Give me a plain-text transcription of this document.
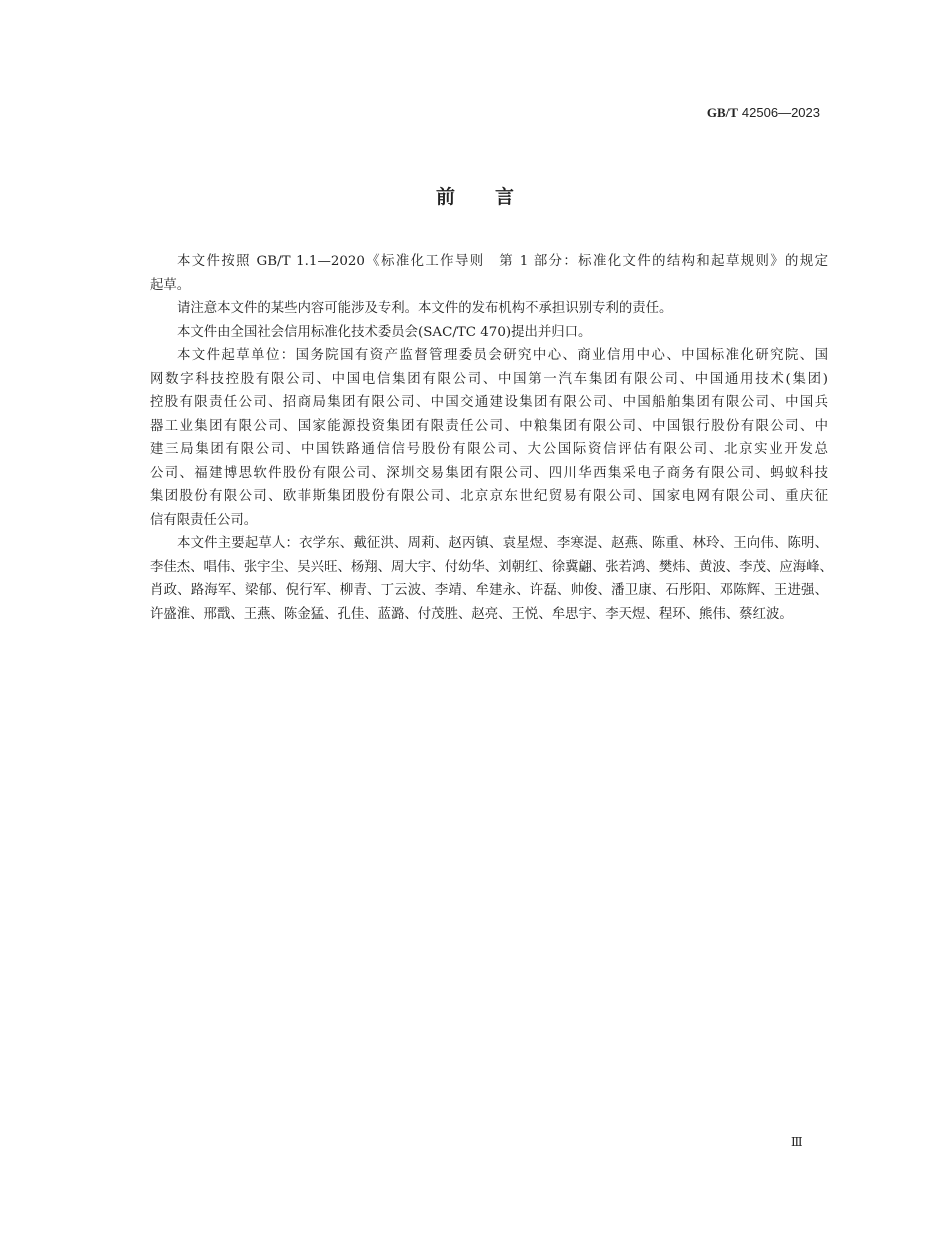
GB/T 42506—2023
前言
本文件按照 GB/T 1.1—2020《标准化工作导则　第 1 部分：标准化文件的结构和起草规则》的规定
起草。
请注意本文件的某些内容可能涉及专利。本文件的发布机构不承担识别专利的责任。
本文件由全国社会信用标准化技术委员会(SAC/TC 470)提出并归口。
本文件起草单位：国务院国有资产监督管理委员会研究中心、商业信用中心、中国标准化研究院、国
网数字科技控股有限公司、中国电信集团有限公司、中国第一汽车集团有限公司、中国通用技术(集团)
控股有限责任公司、招商局集团有限公司、中国交通建设集团有限公司、中国船舶集团有限公司、中国兵
器工业集团有限公司、国家能源投资集团有限责任公司、中粮集团有限公司、中国银行股份有限公司、中
建三局集团有限公司、中国铁路通信信号股份有限公司、大公国际资信评估有限公司、北京实业开发总
公司、福建博思软件股份有限公司、深圳交易集团有限公司、四川华西集采电子商务有限公司、蚂蚁科技
集团股份有限公司、欧菲斯集团股份有限公司、北京京东世纪贸易有限公司、国家电网有限公司、重庆征
信有限责任公司。
本文件主要起草人：衣学东、戴征洪、周莉、赵丙镇、袁星煜、李寒湜、赵燕、陈重、林玲、王向伟、陈明、
李佳杰、唱伟、张宇尘、吴兴旺、杨翔、周大宇、付幼华、刘朝红、徐冀翩、张若鸿、樊炜、黄波、李茂、应海峰、
肖政、路海军、梁郁、倪行军、柳青、丁云波、李靖、牟建永、许磊、帅俊、潘卫康、石彤阳、邓陈辉、王进强、
许盛淮、邢戬、王燕、陈金猛、孔佳、蓝潞、付茂胜、赵亮、王悦、牟思宇、李天煜、程环、熊伟、蔡红波。
Ⅲ
